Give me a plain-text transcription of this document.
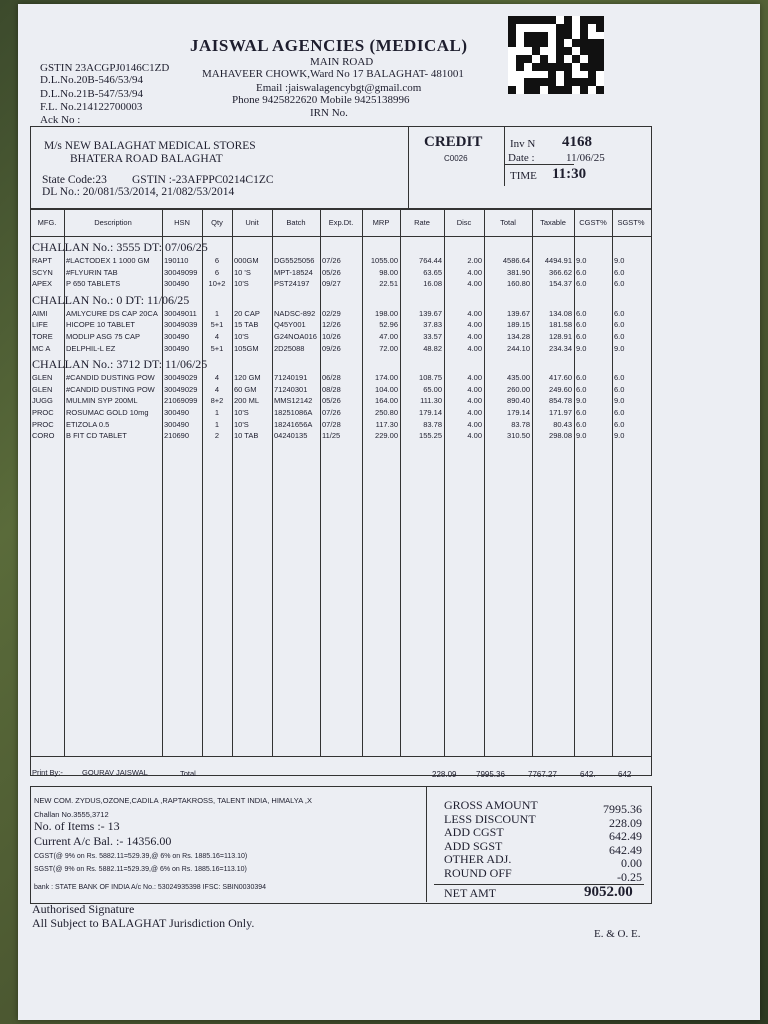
GSTIN 23ACGPJ0146C1ZD
D.L.No.20B-546/53/94
D.L.No.21B-547/53/94
F.L. No.214122700003
Ack No :
JAISWAL AGENCIES (MEDICAL)
MAIN ROAD
MAHAVEER CHOWK,Ward No 17 BALAGHAT- 481001
Email :jaiswalagencybgt@gmail.com
Phone 9425822620 Mobile 9425138996
IRN No.
M/s NEW BALAGHAT MEDICAL STORES
BHATERA ROAD BALAGHAT
State Code:23 GSTIN :-23AFPPC0214C1ZC
DL No.: 20/081/53/2014, 21/082/53/2014
CREDIT
C0026
Inv N 4168
Date :	11/06/25
TIME 11:30
Print By:-	GOURAV JAISWAL	Total	228.09 7995.36	7767.27	642.	642
NEW COM. ZYDUS,OZONE,CADILA ,RAPTAKROSS, TALENT INDIA, HIMALYA ,X
Challan No.3555,3712
No. of Items :- 13
Current A/c Bal. :- 14356.00
CGST(@ 9% on Rs. 5882.11=529.39,@ 6% on Rs. 1885.16=113.10)
SGST(@ 9% on Rs. 5882.11=529.39,@ 6% on Rs. 1885.16=113.10)
bank : STATE BANK OF INDIA A/c No.: 53024935398 IFSC: SBIN0030394	NET AMT	9052.00
Authorised Signature
All Subject to BALAGHAT Jurisdiction Only.
E. & O. E.
MFG.	Description	HSN	Qty	Unit	Batch	Exp.Dt.	MRP	Rate	Disc	Total	Taxable	CGST%	SGST%
CHALLAN No.: 3555 DT: 07/06/25
RAPT	#LACTODEX 1 1000 GM	190110	6	000GM	DG5525056	07/26	1055.00	764.44	2.00	4586.64	4494.91 9.0	9.0
SCYN	#FLYURIN TAB	30049099	6	10 'S	MPT-18524	05/26	98.00	63.65	4.00	381.90	366.62 6.0	6.0
APEX	P 650 TABLETS	300490	10+2	10'S	PST24197	09/27	22.51	16.08	4.00	160.80	154.37 6.0	6.0
CHALLAN No.: 0 DT: 11/06/25
AIMI	AMLYCURE DS CAP 20CA 30049011	1	20 CAP	NADSC-892 02/29	198.00	139.67	4.00	139.67	134.08 6.0	6.0
LIFE	HICOPE 10 TABLET	30049039	5+1	15 TAB	Q45Y001	12/26	52.96	37.83	4.00	189.15	181.58 6.0	6.0
TORE	MODLIP ASG 75 CAP	300490	4	10'S	G24NOA016 10/26	47.00	33.57	4.00	134.28	128.91 6.0	6.0
MC A	DELPHIL-L EZ	300490	5+1	105GM	2D25088	09/26	72.00	48.82	4.00	244.10	234.34 9.0	9.0
CHALLAN No.: 3712 DT: 11/06/25
GLEN	#CANDID DUSTING POW	30049029	4	120 GM	71240191	06/28	174.00	108.75	4.00	435.00	417.60 6.0	6.0
GLEN	#CANDID DUSTING POW	30049029	4	60 GM	71240301	08/28	104.00	65.00	4.00	260.00	249.60 6.0	6.0
JUGG	MULMIN SYP 200ML	21069099	8+2	200 ML	MMS12142	05/26	164.00	111.30	4.00	890.40	854.78 9.0	9.0
PROC	ROSUMAC GOLD 10mg	300490	1	10'S	18251086A	07/26	250.80	179.14	4.00	179.14	171.97 6.0	6.0
PROC	ETIZOLA 0.5	300490	1	10'S	18241656A	07/28	117.30	83.78	4.00	83.78	80.43 6.0	6.0
CORO	B FIT CD TABLET	210690	2	10 TAB	04240135	11/25	229.00	155.25	4.00	310.50	298.08 9.0	9.0
GROSS AMOUNT	7995.36
LESS DISCOUNT	228.09
ADD CGST	642.49
ADD SGST	642.49
OTHER ADJ.	0.00
ROUND OFF	-0.25
